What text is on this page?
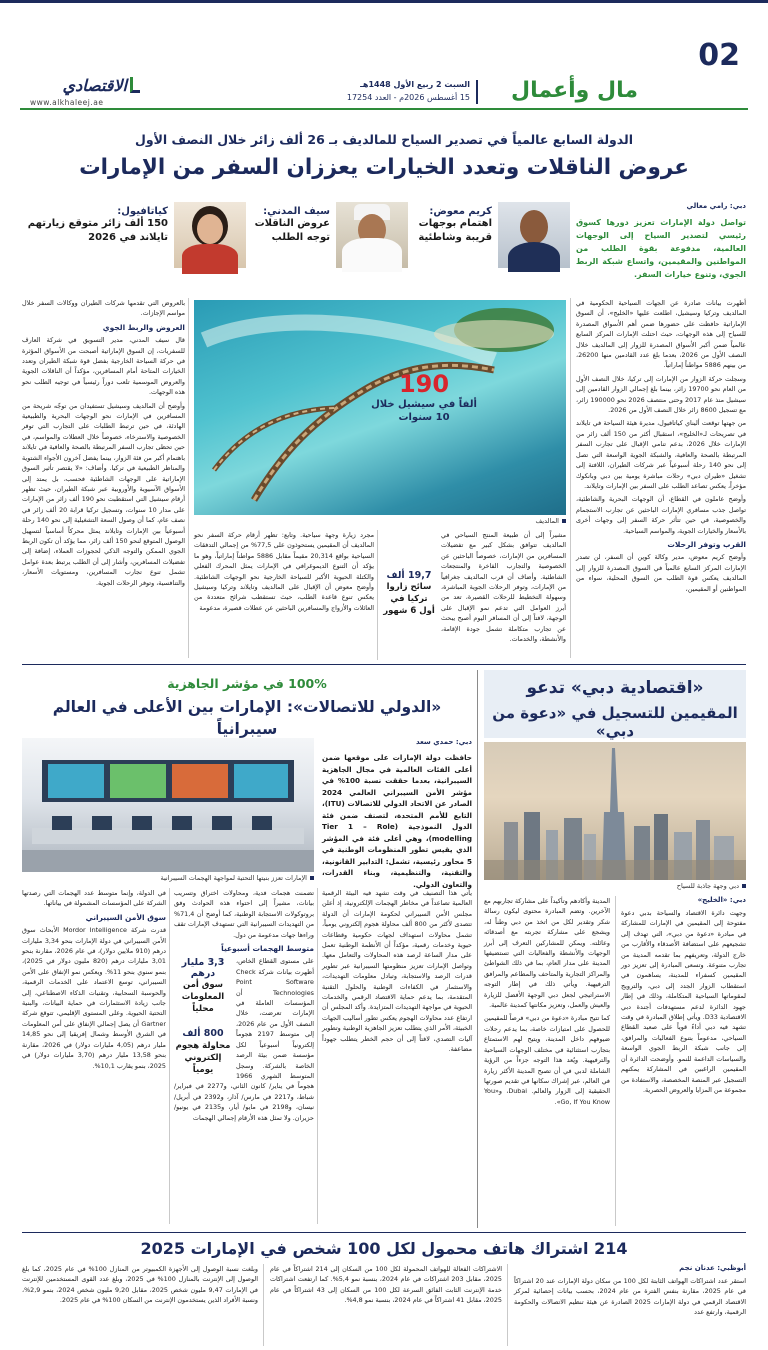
02
مال وأعمال
السبت 2 ربيع الأول 1448هـ
15 أغسطس 2026م - العدد 17254
الاقتصادي
www.alkhaleej.ae
الدولة السابع عالمياً في تصدير السياح للمالديف بـ 26 ألف زائر خلال النصف الأول
عروض الناقلات وتعدد الخيارات يعززان السفر من الإمارات
دبي: رامي معالي
تواصل دولة الإمارات تعزيز دورها كسوق رئيسي لتصدير السياح إلى الوجهات العالمية، مدفوعة بقوة الطلب من المواطنين والمقيمين، واتساع شبكة الربط الجوي، وتنوع خيارات السفر.
كريم معوض:
اهتمام بوجهات قريبة وشاطئية
سيف المدني:
عروض الناقلات توجه الطلب
كياتافيول:
150 ألف زائر متوقع زيارتهم تايلاند في 2026

أظهرت بيانات صادرة عن الجهات السياحية الحكومية في المالديف وتركيا وسيشيل، اطلعت عليها «الخليج»، أن السوق الإماراتية حافظت على حضورها ضمن أهم الأسواق المصدرة للسياح إلى هذه الوجهات، حيث احتلت الإمارات المركز السابع عالمياً ضمن أكبر الأسواق المصدرة للزوار إلى المالديف خلال النصف الأول من 2026، بعدما بلغ عدد القادمين منها 26200، من بينهم 5886 مواطناً إماراتياً.

وسجلت حركة الزوار من الإمارات إلى تركيا، خلال النصف الأول من العام نحو 19700 زائر، بينما بلغ إجمالي الزوار القادمين إلى سيشيل منذ عام 2017 وحتى منتصف 2026 نحو 190000 زائر، مع تسجيل 8600 زائر خلال النصف الأول من 2026.

من جهتها توقعت أليناي كياتافيول، مديرة هيئة السياحة في تايلاند في تصريحات لـ«الخليج»، استقبال أكثر من 150 ألف زائر من الإمارات خلال 2026، بدعم تنامي الإقبال على تجارب السفر المرتبطة بالصحة والعافية، والشبكة الجوية الواسعة التي تصل إلى نحو 140 رحلة أسبوعياً عبر شركات الطيران، اللافتة إلى تشغيل «طيران دبي» رحلات مباشرة يومية بين دبي وبانكوك مؤخراً، يعكس تصاعد الطلب على السفر بين الإمارات وتايلاند.

وأوضح عاملون في القطاع، أن الوجهات البحرية والشاطئية، تواصل جذب مسافري الإمارات الباحثين عن تجارب الاستجمام والخصوصية، في حين تتأثر حركة السفر إلى وجهات أخرى بالأسعار والخيارات الجوية، والمواسم السياحية.

القرب وتوفر الرحلات

وأوضح كريم معوض، مدير وكالة كوين أن السفر، لن تصدر الإمارات المركز السابع عالمياً في السوق المصدرة للزوار إلى المالديف يعكس قوة الطلب من السوق المحلية، سواء من المواطنين أو المقيمين،

190
ألفاً في سيشيل خلال 10 سنوات
المالديف
مشيراً إلى أن طبيعة المنتج السياحي في المالديف تتوافق بشكل كبير مع تفضيلات المسافرين من الإمارات، خصوصاً الباحثين عن الخصوصية والتجارب الفاخرة والمنتجعات الشاطئية. وأضاف أن قرب المالديف جغرافياً من الإمارات، وتوفر الرحلات الجوية المباشرة، وسهولة التخطيط للرحلات القصيرة، تعد من أبرز العوامل التي تدعم نمو الإقبال على الوجهة، لافتاً إلى أن المسافر اليوم أصبح يبحث عن تجارب متكاملة تشمل جودة الإقامة، والأنشطة، والخدمات.
19,7 ألف
سائح زاروا تركيا في أول 6 شهور
مجرد زيارة وجهة سياحية. وتابع: تظهر أرقام حركة السفر نحو المالديف أن المقيمين يستحوذون على 77,5% من إجمالي التدفقات السياحية بواقع 20,314 مقيماً مقابل 5886 مواطناً إماراتياً، وهو ما يؤكد أن التنوع الديموغرافي في الإمارات يمثل المحرك الفعلي والكتلة الحيوية الأكبر للسياحة الخارجية نحو الوجهات الشاطئية. وأوضح معوض أن الإقبال على المالديف وتايلاند وتركيا وسيشيل يعكس تنوع قاعدة الطلب، حيث تستقطب شرائح متعددة من العائلات والأزواج والمسافرين الباحثين عن عطلات قصيرة، مدعومة

بالعروض التي تقدمها شركات الطيران ووكالات السفر خلال مواسم الإجازات.

العروض والربط الجوي

قال سيف المدني، مدير التسويق في شركة العارف للسفريات، إن السوق الإماراتية أصبحت من الأسواق المؤثرة في حركة السياحة الخارجية بفضل قوة شبكة الطيران وتعدد الخيارات المتاحة أمام المسافرين، مؤكداً أن الناقلات الجوية والعروض الموسمية تلعب دوراً رئيسياً في توجيه الطلب نحو هذه الوجهات.

وأوضح أن المالديف وسيشيل تستفيدان من توجّه شريحة من المسافرين في الإمارات نحو الوجهات البحرية والطبيعية الهادئة، في حين ترتبط الطلبات على التجارب التي توفر الخصوصية والاسترخاء، خصوصاً خلال العطلات والمواسم، في حين تحظى تجارب السفر المرتبطة بالصحة والعافية في تايلاند باهتمام أكبر من فئة الزوار، بينما يفضل آخرون الأجواء الشتوية والمناظر الطبيعية في تركيا. وأضاف: «لا يقتصر تأثير السوق الإماراتية على الوجهات الشاطئية فحسب، بل يمتد إلى الأسواق الآسيوية والأوروبية عبر شبكة الطيران، حيث تظهر أرقام سيشيل التي استقطبت نحو 190 ألف زائر من الإمارات على مدار 10 سنوات، وتسجيل تركيا قرابة 20 ألف زائر في نصف عام، كما أن وصول السعة التشغيلية إلى نحو 140 رحلة أسبوعياً بين الإمارات وتايلاند يمثل محركاً أساسياً لتسهيل الوصول المتوقع لنحو 150 ألف زائر، مما يؤكد أن تكون الربط الجوي الممكن والتوجه الذكي لحجوزات العملاء، إضافة إلى تفضيلات المسافرين، وأشار إلى أن الطلب يرتبط بعدة عوامل تشمل تنوع تجارب المسافرين، ومستويات الأسعار، والتنافسية، وتوفر الرحلات الجوية.

«اقتصادية دبي» تدعو
المقيمين للتسجيل في «دعوة من دبي»
دبي وجهة جاذبة للسياح
دبي: «الخليج»
وجهت دائرة الاقتصاد والسياحة بدبي دعوة مفتوحة إلى المقيمين في الإمارات للمشاركة في مبادرة «دعوة من دبي»، التي تهدف إلى تشجيعهم على استضافة الأصدقاء والأقارب من خارج الدولة، وتعريفهم بما تقدمه المدينة من تجارب متنوعة. وتسعى المبادرة إلى تعزيز دور المقيمين كسفراء للمدينة، يساهمون في استقطاب الزوار الجدد إلى دبي، والترويج لمقوماتها السياحية المتكاملة، وذلك في إطار جهود الدائرة لدعم مستهدفات أجندة دبي الاقتصادية D33. ويأتي إطلاق المبادرة في وقت تشهد فيه دبي أداءً قوياً على صعيد القطاع السياحي، مدعوماً بتنوع الفعاليات والمرافق، إلى جانب شبكة الربط الجوي الواسعة والسياسات الداعمة للنمو. وأوضحت الدائرة أن المقيمين الراغبين في المشاركة يمكنهم التسجيل عبر المنصة المخصصة، والاستفادة من مجموعة من المزايا والعروض الحصرية.

المدينة وأكادهم وتأكيداً على مشاركة تجاربهم مع الآخرين. وتضم المبادرة محتوى ليكون رسالة شكر وتقدير لكل من اتخذ من دبي وطناً له، ويشجع على مشاركة تجربته مع أصدقائه وعائلته. ويمكن للمشاركين التعرف إلى أبرز الوجهات والأنشطة والفعاليات التي تستضيفها المدينة على مدار العام، بما في ذلك الشواطئ والمراكز التجارية والمتاحف والمطاعم والمرافق الترفيهية. ويأتي ذلك في إطار التوجه الاستراتيجي لجعل دبي الوجهة الأفضل للزيارة والعيش والعمل، وتعزيز مكانتها كمدينة عالمية.

كما تتيح مبادرة «دعوة من دبي» فرصاً للمقيمين للحصول على امتيازات خاصة، بما يدعم رحلات ضيوفهم داخل المدينة، ويتيح لهم الاستمتاع بتجارب استثنائية في مختلف الوجهات السياحية والترفيهية. ويُعد هذا التوجه جزءاً من الرؤية الشاملة لدبي في أن تصبح المدينة الأكثر زيارة في العالم، عبر إشراك سكانها في تقديم صورتها الحقيقية إلى الزوار والعالم. Dubai، و«You Go, If You Know».

100% في مؤشر الجاهزية
«الدولي للاتصالات»: الإمارات بين الأعلى في العالم سيبرانياً
دبي: حمدي سعد
حافظت دولة الإمارات على موقعها ضمن أعلى الفئات العالمية في مجال الجاهزية السيبرانية، بعدما حققت نسبة 100% في مؤشر الأمن السيبراني العالمي 2024 الصادر عن الاتحاد الدولي للاتصالات (ITU)، التابع للأمم المتحدة، لتصنف ضمن فئة الدول النموذجية (Tier 1 – Role modelling)، وهي أعلى فئة في المؤشر الذي يقيس تطور المنظومات الوطنية في 5 محاور رئيسية، تشمل: التدابير القانونية، والتقنية، والتنظيمية، وبناء القدرات، والتعاون الدولي.
الإمارات تعزز بنيتها التحتية لمواجهة الهجمات السيبرانية
يأتي هذا التصنيف في وقت تشهد فيه البيئة الرقمية العالمية تصاعداً في مخاطر الهجمات الإلكترونية، إذ أعلن مجلس الأمن السيبراني لحكومة الإمارات أن الدولة تتصدى لأكثر من 800 ألف محاولة هجوم إلكتروني يومياً، تشمل محاولات استهداف لجهات حكومية وقطاعات حيوية وخدمات رقمية، مؤكداً أن الأنظمة الوطنية تعمل على مدار الساعة لرصد هذه المحاولات والتعامل معها. وتواصل الإمارات تعزيز منظومتها السيبرانية عبر تطوير قدرات الرصد والاستجابة، وتبادل معلومات التهديدات، والاستثمار في الكفاءات الوطنية والحلول التقنية المتقدمة، بما يدعم حماية الاقتصاد الرقمي والخدمات الحيوية في مواجهة التهديدات المتزايدة. وأكد المجلس أن ارتفاع عدد محاولات الهجوم يعكس تطور أساليب الجهات الخبيثة، الأمر الذي يتطلب تعزيز الجاهزية الوطنية وتطوير آليات التصدي، لافتاً إلى أن حجم الخطر يتطلب جهوداً مضاعفة.

تضمنت هجمات فدية، ومحاولات اختراق وتسريب بيانات، مشيراً إلى احتواء هذه الحوادث وفق بروتوكولات الاستجابة الوطنية، كما أوضح أن 71,4% من التهديدات السيبرانية التي تستهدف الإمارات تقف وراءها جهات مدعومة من دول.

متوسط الهجمات أسبوعياً
3,3 مليار درهم
سوق أمن المعلومات محلياً
800 ألف
محاولة هجوم إلكتروني يومياً

على مستوى القطاع الخاص، أظهرت بيانات شركة Check Point Software Technologies أن المؤسسات العاملة في الإمارات تعرضت، خلال النصف الأول من عام 2026، إلى متوسط 2197 هجوماً إلكترونياً أسبوعياً لكل مؤسسة ضمن بيئة الرصد الخاصة بالشركة. وسجل المتوسط الشهري 1966 هجوماً في يناير/ كانون الثاني، و2277 في فبراير/ شباط، و2217 في مارس/ آذار، و2392 في أبريل/ نيسان، و2198 في مايو/ أيار، و2135 في يونيو/ حزيران. ولا تمثل هذه الأرقام إجمالي الهجمات

في الدولة، وإنما متوسط عدد الهجمات التي رصدتها الشركة على المؤسسات المشمولة في بياناتها.

سوق الأمن السيبراني

قدرت شركة Mordor Intelligence الأبحاث سوق الأمن السيبراني في دولة الإمارات بنحو 3,34 مليارات درهم (910 ملايين دولار)، في عام 2026، مقارنة بنحو 3,01 مليارات درهم (820 مليون دولار في 2025)، بنمو سنوي بنحو 11%. ويعكس نمو الإنفاق على الأمن السيبراني، توسع الاعتماد على الخدمات الرقمية، والحوسبة السحابية، وتقنيات الذكاء الاصطناعي، إلى جانب زيادة الاستثمارات في حماية البيانات، والبنية التحتية الحيوية. وعلى المستوى الإقليمي، تتوقع شركة Gartner أن يصل إجمالي الإنفاق على أمن المعلومات في الشرق الأوسط وشمال إفريقيا إلى نحو 14,85 مليار درهم (4,05 مليارات دولار) في 2026، مقارنة بنحو 13,58 مليار درهم (3,70 مليارات دولار) في 2025، بنمو يقارب 10,1%.

214 اشتراك هاتف محمول لكل 100 شخص في الإمارات 2025
أبوظبي: عدنان نجم
استقر عدد اشتراكات الهواتف الثابتة لكل 100 من سكان دولة الإمارات عند 20 اشتراكاً في عام 2025، مقارنة بنفس الفترة من عام 2024، بحسب بيانات إحصائية لمركز الاقتصاد الرقمي في دولة الإمارات 2025 الصادرة عن هيئة تنظيم الاتصالات والحكومة الرقمية، وارتفع عدد
الاشتراكات الفعالة للهواتف المحمولة لكل 100 من السكان إلى 214 اشتراكاً في عام 2025، مقابل 203 اشتراكات في عام 2024، بنسبة نمو 5,4%. كما ارتفعت اشتراكات خدمة الإنترنت الثابت الفائق السرعة لكل 100 من السكان إلى 43 اشتراكاً في عام 2025، مقابل 41 اشتراكاً في عام 2024، بنسبة نمو 4,8%.
وبلغت نسبة الوصول إلى الأجهزة الكمبيوتر من المنازل 100% في عام 2025، كما بلغ الوصول إلى الإنترنت بالمنازل 100% في 2025، وبلغ عدد القوى المستخدمين للإنترنت في الإمارات 9,47 مليون شخص 2025، مقابل 9,20 مليون شخص 2024، بنمو 2,9%، ونسبة الأفراد الذين يستخدمون الإنترنت من السكان 100% في عام 2025.
